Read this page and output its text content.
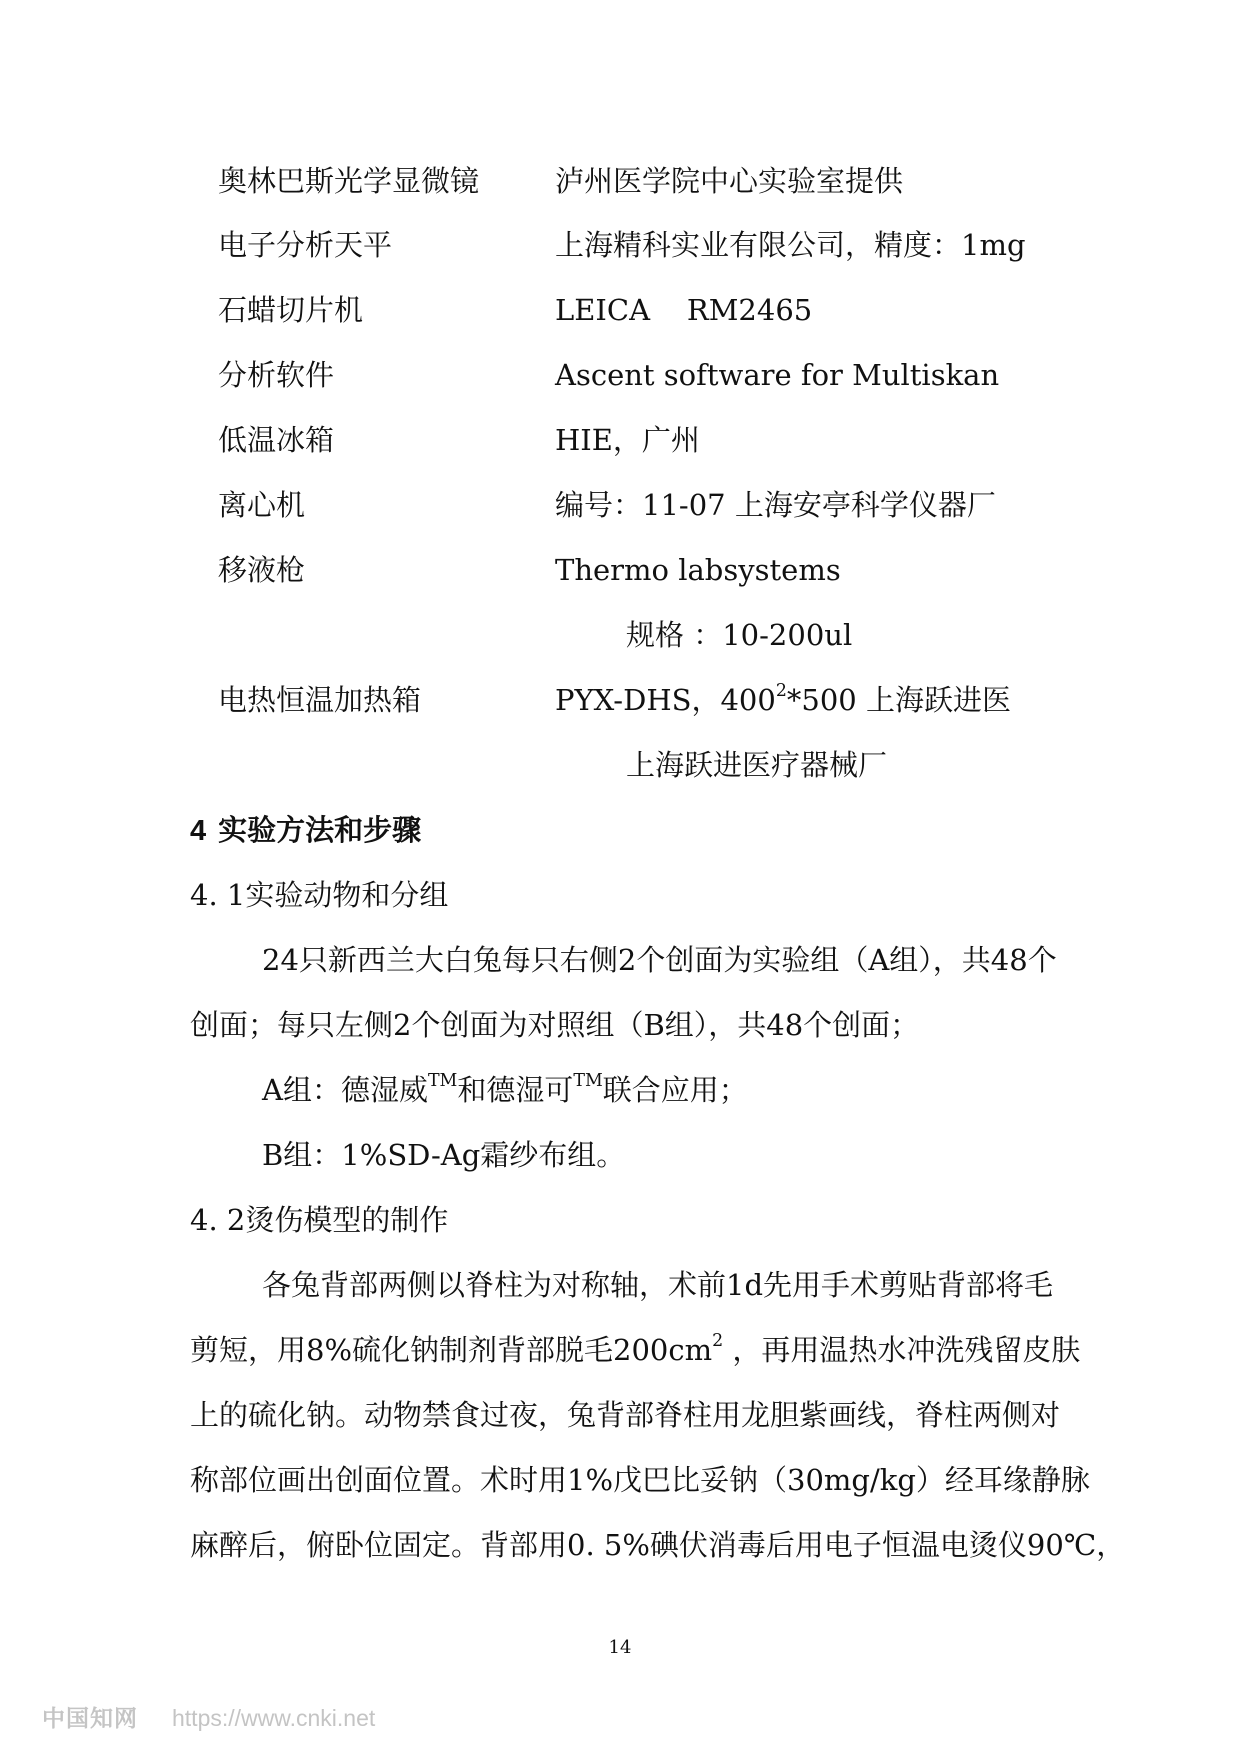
奥林巴斯光学显微镜	泸州医学院中心实验室提供
电子分析天平	上海精科实业有限公司，精度：1mg
石蜡切片机	LEICA    RM2465
分析软件	Ascent software for Multiskan
低温冰箱	HIE，广州
离心机	编号：11-07 上海安亭科学仪器厂
移液枪	Thermo labsystems
规格 ：10-200ul
电热恒温加热箱	PYX-DHS，$400^2*500$ 上海跃进医
上海跃进医疗器械厂
4 实验方法和步骤
4. 1实验动物和分组
24只新西兰大白兔每只右侧2个创面为实验组（A组），共48个
创面；每只左侧2个创面为对照组（B组），共48个创面；
A组：德湿威™和德湿可™联合应用；
B组：1%SD-Ag霜纱布组。
4. 2烫伤模型的制作
各兔背部两侧以脊柱为对称轴，术前1d先用手术剪贴背部将毛
剪短，用8%硫化钠制剂背部脱毛$200cm^2$ ，再用温热水冲洗残留皮肤
上的硫化钠。动物禁食过夜，兔背部脊柱用龙胆紫画线，脊柱两侧对
称部位画出创面位置。术时用1%戊巴比妥钠（30mg/kg）经耳缘静脉
麻醉后，俯卧位固定。背部用0. 5%碘伏消毒后用电子恒温电烫仪90℃，
14
中国知网 https://www.cnki.net
